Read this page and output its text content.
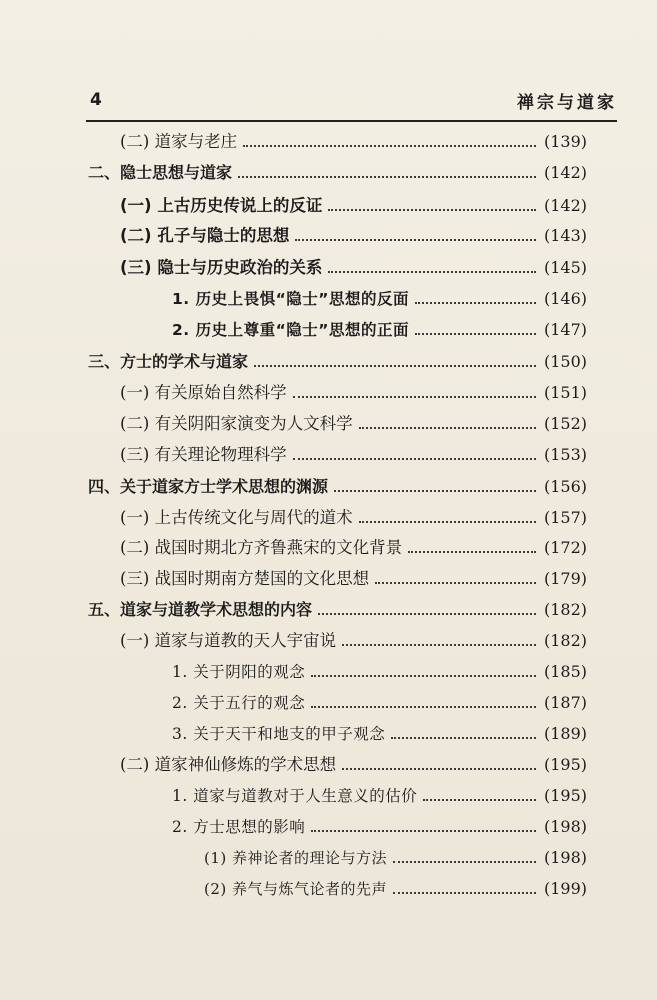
4	禅宗与道家
(二) 道家与老庄	(139)
二、隐士思想与道家	(142)
(一) 上古历史传说上的反证	(142)
(二) 孔子与隐士的思想	(143)
(三) 隐士与历史政治的关系	(145)
1. 历史上畏惧“隐士”思想的反面	(146)
2. 历史上尊重“隐士”思想的正面	(147)
三、方士的学术与道家	(150)
(一) 有关原始自然科学	(151)
(二) 有关阴阳家演变为人文科学	(152)
(三) 有关理论物理科学	(153)
四、关于道家方士学术思想的渊源	(156)
(一) 上古传统文化与周代的道术	(157)
(二) 战国时期北方齐鲁燕宋的文化背景	(172)
(三) 战国时期南方楚国的文化思想	(179)
五、道家与道教学术思想的内容	(182)
(一) 道家与道教的天人宇宙说	(182)
1. 关于阴阳的观念	(185)
2. 关于五行的观念	(187)
3. 关于天干和地支的甲子观念	(189)
(二) 道家神仙修炼的学术思想	(195)
1. 道家与道教对于人生意义的估价	(195)
2. 方士思想的影响	(198)
(1) 养神论者的理论与方法	(198)
(2) 养气与炼气论者的先声	(199)
